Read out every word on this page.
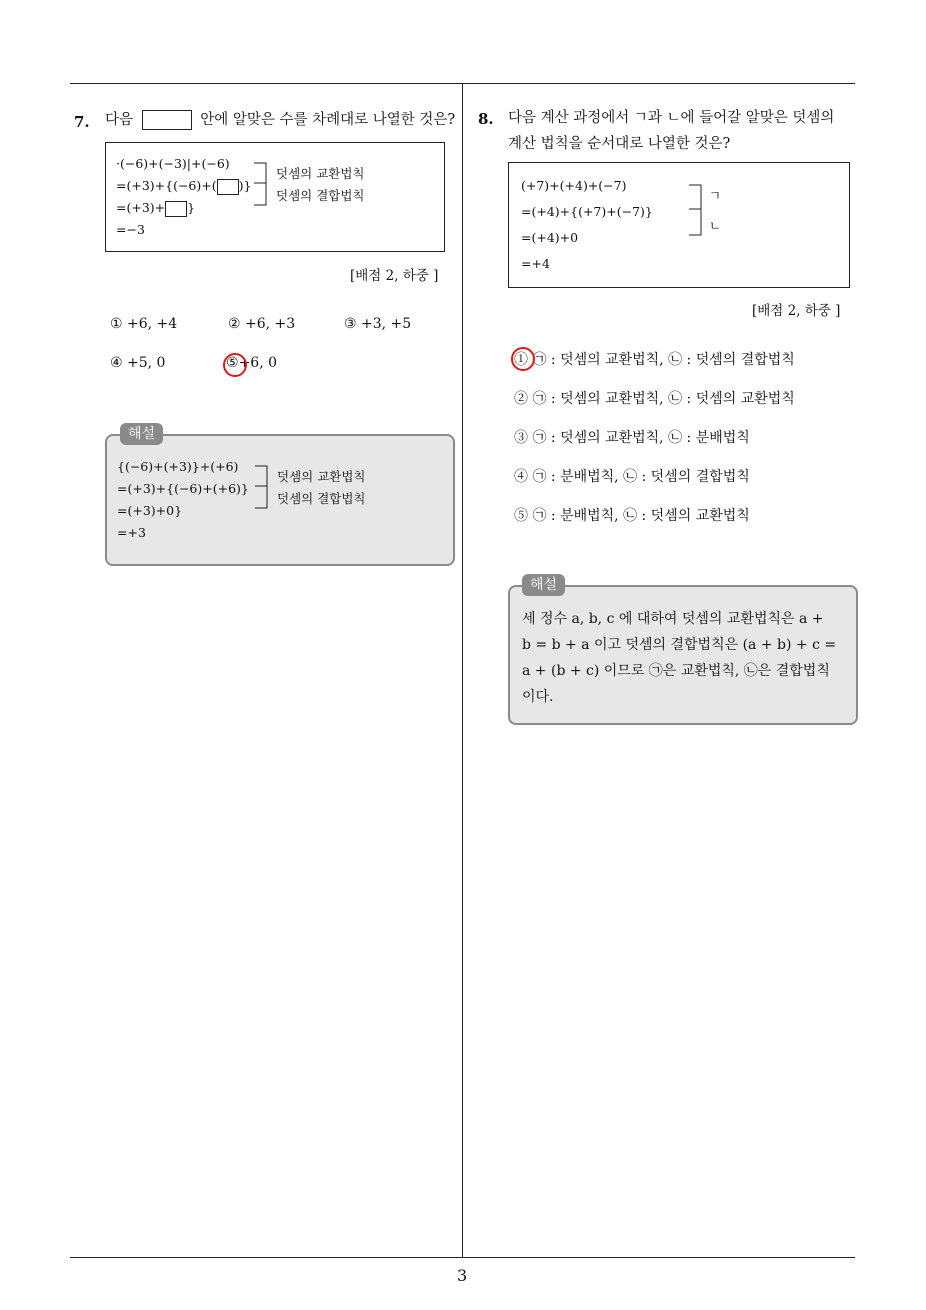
7. 다음	안에 알맞은 수를 차례대로 나열한 것은?
·(−6)+(−3)|+(−6)
=(+3)+{(−6)+( )}
=(+3)+ }
=−3
덧셈의 교환법칙
덧셈의 결합법칙
[배점 2, 하중 ]
① +6, +4	② +6, +3	③ +3, +5
④ +5, 0	⑤+6, 0
{(−6)+(+3)}+(+6)
=(+3)+{(−6)+(+6)}
=(+3)+0}
=+3
덧셈의 교환법칙
덧셈의 결합법칙
해설
8. 다음 계산 과정에서 ㄱ과 ㄴ에 들어갈 알맞은 덧셈의
계산 법칙을 순서대로 나열한 것은?
(+7)+(+4)+(−7)
=(+4)+{(+7)+(−7)}
=(+4)+0
=+4
ㄱ
ㄴ
[배점 2, 하중 ]
① ㉠ : 덧셈의 교환법칙, ㉡ : 덧셈의 결합법칙
② ㉠ : 덧셈의 교환법칙, ㉡ : 덧셈의 교환법칙
③ ㉠ : 덧셈의 교환법칙, ㉡ : 분배법칙
④ ㉠ : 분배법칙, ㉡ : 덧셈의 결합법칙
⑤ ㉠ : 분배법칙, ㉡ : 덧셈의 교환법칙
세 정수 a, b, c 에 대하여 덧셈의 교환법칙은 a +
b = b + a 이고 덧셈의 결합법칙은 (a + b) + c =
a + (b + c) 이므로 ㉠은 교환법칙, ㉡은 결합법칙
이다.
해설
3
